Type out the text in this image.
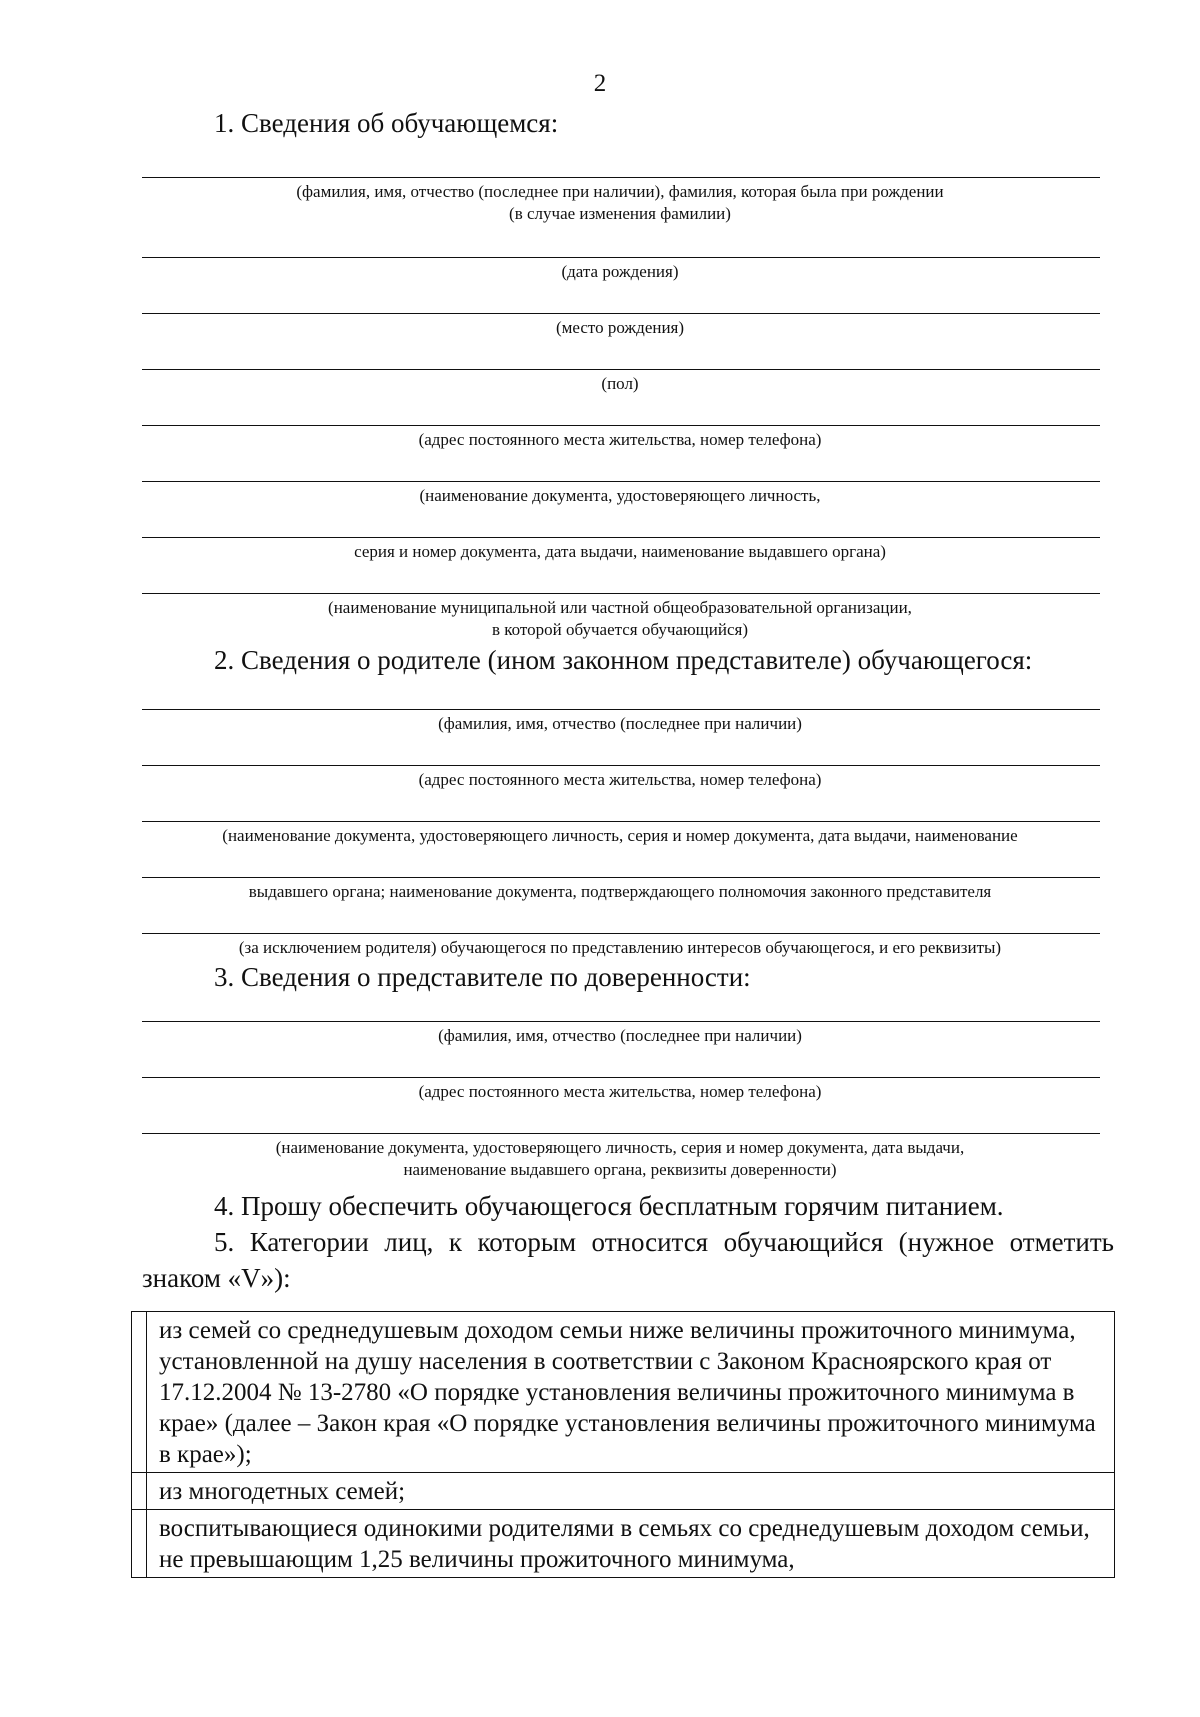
2
1. Сведения об обучающемся:
(фамилия, имя, отчество (последнее при наличии), фамилия, которая была при рождении
(в случае изменения фамилии)
(дата рождения)
(место рождения)
(пол)
(адрес постоянного места жительства, номер телефона)
(наименование документа, удостоверяющего личность,
серия и номер документа, дата выдачи, наименование выдавшего органа)
(наименование муниципальной или частной общеобразовательной организации,
в которой обучается обучающийся)
2. Сведения о родителе (ином законном представителе) обучающегося:
(фамилия, имя, отчество (последнее при наличии)
(адрес постоянного места жительства, номер телефона)
(наименование документа, удостоверяющего личность, серия и номер документа, дата выдачи, наименование
выдавшего органа; наименование документа, подтверждающего полномочия законного представителя
(за исключением родителя) обучающегося по представлению интересов обучающегося, и его реквизиты)
3. Сведения о представителе по доверенности:
(фамилия, имя, отчество (последнее при наличии)
(адрес постоянного места жительства, номер телефона)
(наименование документа, удостоверяющего личность, серия и номер документа, дата выдачи,
наименование выдавшего органа, реквизиты доверенности)
4. Прошу обеспечить обучающегося бесплатным горячим питанием.
5. Категории лиц, к которым относится обучающийся (нужное отметить знаком «V»):
	из семей со среднедушевым доходом семьи ниже величины прожиточного минимума, установленной на душу населения в соответствии с Законом Красноярского края от 17.12.2004 № 13-2780 «О порядке установления величины прожиточного минимума в крае» (далее – Закон края «О порядке установления величины прожиточного минимума в крае»);
	из многодетных семей;
	воспитывающиеся одинокими родителями в семьях со среднедушевым доходом семьи, не превышающим 1,25 величины прожиточного минимума,
